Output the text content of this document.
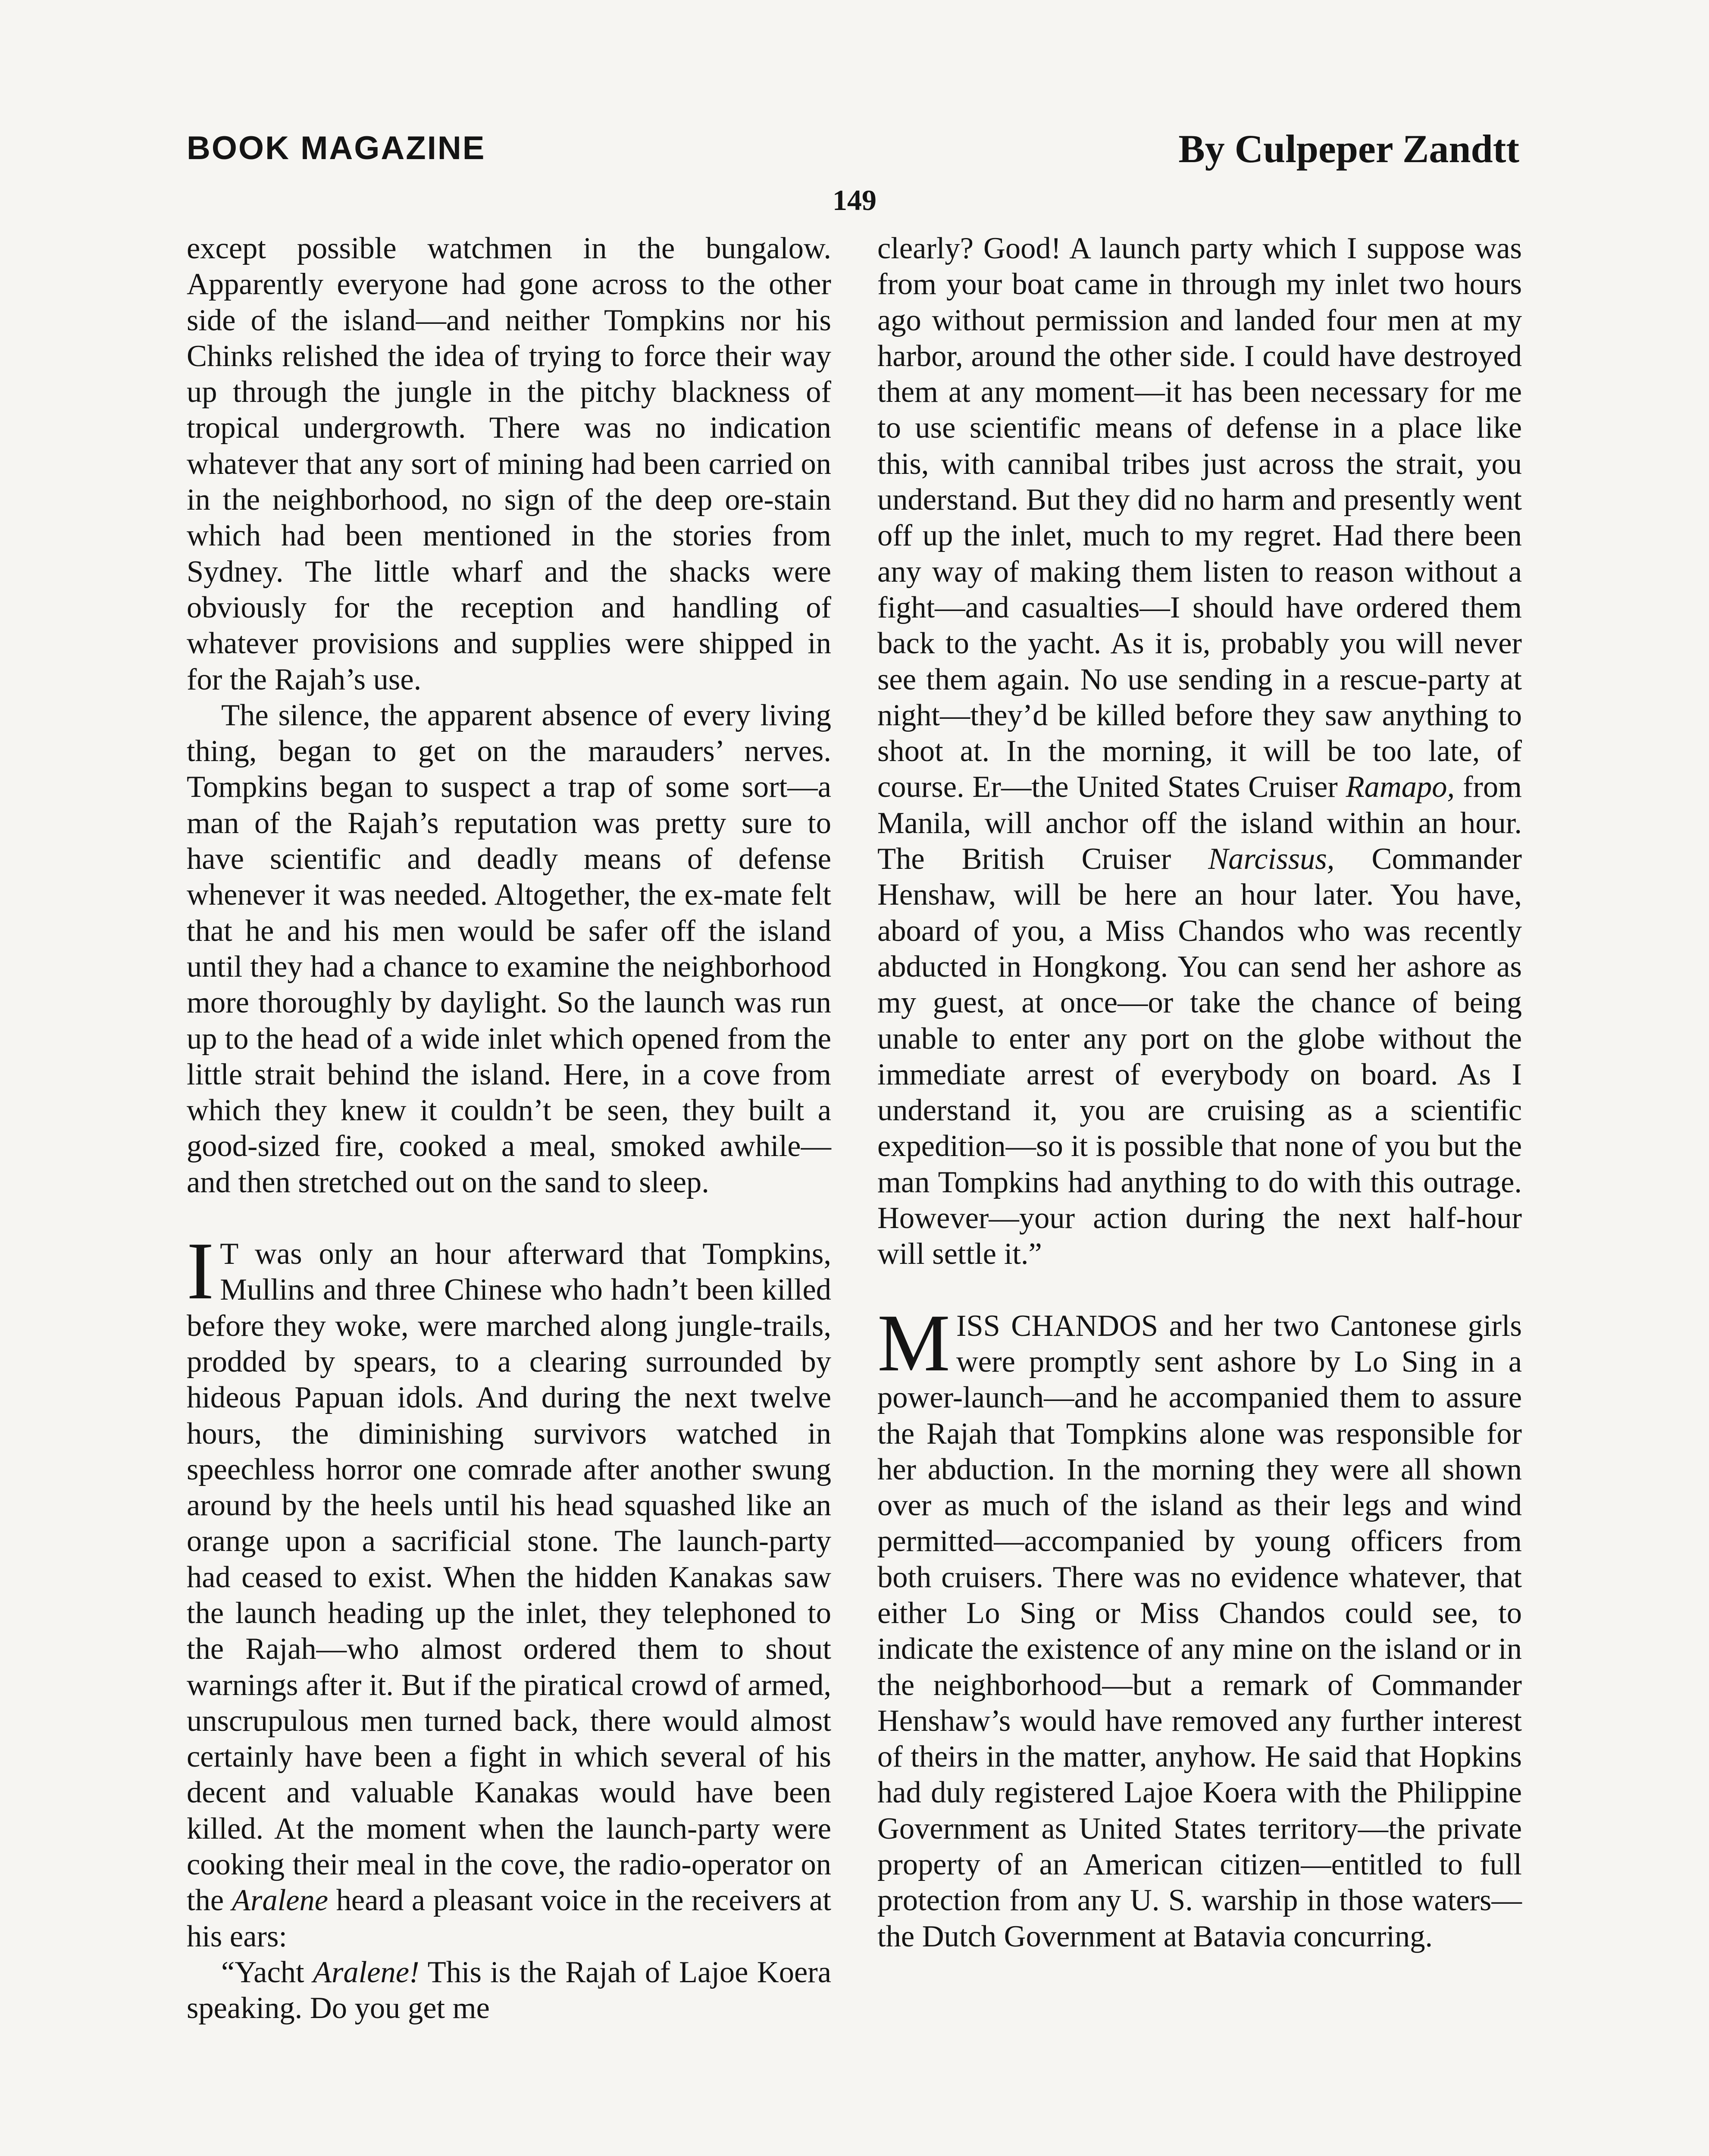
BOOK MAGAZINE	By Culpeper Zandtt
149

except possible watchmen in the bungalow. Apparently everyone had gone across to the other side of the island—and neither Tompkins nor his Chinks relished the idea of trying to force their way up through the jungle in the pitchy blackness of tropical undergrowth. There was no indication whatever that any sort of mining had been carried on in the neighborhood, no sign of the deep ore-stain which had been mentioned in the stories from Sydney. The little wharf and the shacks were obviously for the reception and handling of whatever provisions and supplies were shipped in for the Rajah’s use.

The silence, the apparent absence of every living thing, began to get on the marauders’ nerves. Tompkins began to suspect a trap of some sort—a man of the Rajah’s reputation was pretty sure to have scientific and deadly means of defense whenever it was needed. Altogether, the ex-mate felt that he and his men would be safer off the island until they had a chance to examine the neighborhood more thoroughly by daylight. So the launch was run up to the head of a wide inlet which opened from the little strait behind the island. Here, in a cove from which they knew it couldn’t be seen, they built a good-sized fire, cooked a meal, smoked awhile—and then stretched out on the sand to sleep.

I T was only an hour afterward that Tompkins, Mullins and three Chinese who hadn’t been killed before they woke, were marched along jungle-trails, prodded by spears, to a clearing surrounded by hideous Papuan idols. And during the next twelve hours, the diminishing survivors watched in speechless horror one comrade after another swung around by the heels until his head squashed like an orange upon a sacrificial stone. The launch-party had ceased to exist. When the hidden Kanakas saw the launch heading up the inlet, they telephoned to the Rajah—who almost ordered them to shout warnings after it. But if the piratical crowd of armed, unscrupulous men turned back, there would almost certainly have been a fight in which several of his decent and valuable Kanakas would have been killed. At the moment when the launch-party were cooking their meal in the cove, the radio-operator on the Aralene heard a pleasant voice in the receivers at his ears:

“Yacht Aralene! This is the Rajah of Lajoe Koera speaking. Do you get me

clearly? Good! A launch party which I suppose was from your boat came in through my inlet two hours ago without permission and landed four men at my harbor, around the other side. I could have destroyed them at any moment—it has been necessary for me to use scientific means of defense in a place like this, with cannibal tribes just across the strait, you understand. But they did no harm and presently went off up the inlet, much to my regret. Had there been any way of making them listen to reason without a fight—and casualties—I should have ordered them back to the yacht. As it is, probably you will never see them again. No use sending in a rescue-party at night—they’d be killed before they saw anything to shoot at. In the morning, it will be too late, of course. Er—the United States Cruiser Ramapo, from Manila, will anchor off the island within an hour. The British Cruiser Narcissus, Commander Henshaw, will be here an hour later. You have, aboard of you, a Miss Chandos who was recently abducted in Hongkong. You can send her ashore as my guest, at once—or take the chance of being unable to enter any port on the globe without the immediate arrest of everybody on board. As I understand it, you are cruising as a scientific expedition—so it is possible that none of you but the man Tompkins had anything to do with this outrage. However—your action during the next half-hour will settle it.”

MISS CHANDOS and her two Cantonese girls were promptly sent ashore by Lo Sing in a power-launch—and he accompanied them to assure the Rajah that Tompkins alone was responsible for her abduction. In the morning they were all shown over as much of the island as their legs and wind permitted—accompanied by young officers from both cruisers. There was no evidence whatever, that either Lo Sing or Miss Chandos could see, to indicate the existence of any mine on the island or in the neighborhood—but a remark of Commander Henshaw’s would have removed any further interest of theirs in the matter, anyhow. He said that Hopkins had duly registered Lajoe Koera with the Philippine Government as United States territory—the private property of an American citizen—entitled to full protection from any U. S. warship in those waters—the Dutch Government at Batavia concurring.
